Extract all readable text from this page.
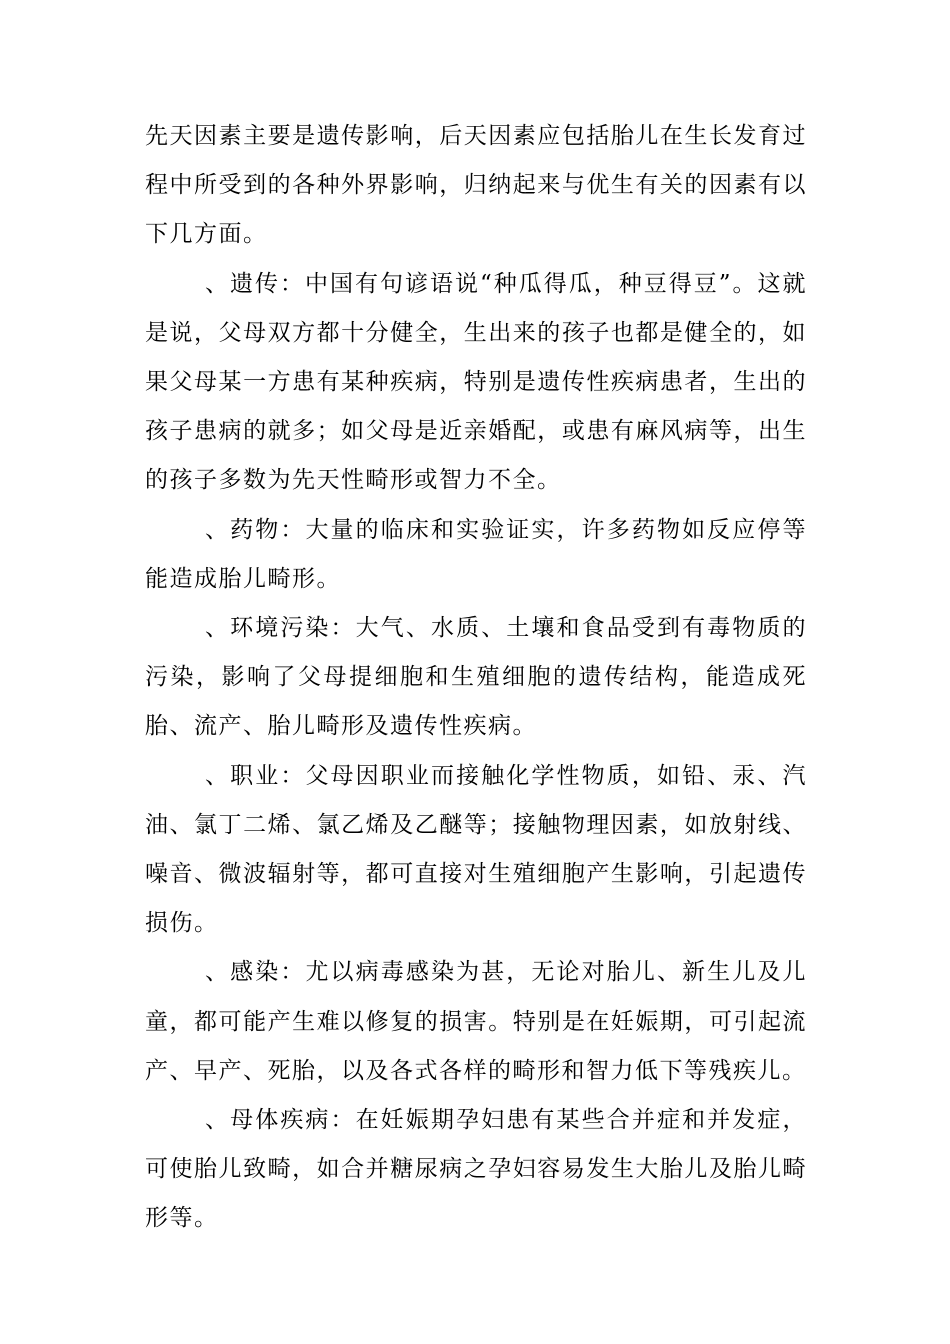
先天因素主要是遗传影响，后天因素应包括胎儿在生长发育过程中所受到的各种外界影响，归纳起来与优生有关的因素有以下几方面。

、遗传：中国有句谚语说“种瓜得瓜，种豆得豆”。这就是说，父母双方都十分健全，生出来的孩子也都是健全的，如果父母某一方患有某种疾病，特别是遗传性疾病患者，生出的孩子患病的就多；如父母是近亲婚配，或患有麻风病等，出生的孩子多数为先天性畸形或智力不全。

、药物：大量的临床和实验证实，许多药物如反应停等能造成胎儿畸形。

、环境污染：大气、水质、土壤和食品受到有毒物质的污染，影响了父母提细胞和生殖细胞的遗传结构，能造成死胎、流产、胎儿畸形及遗传性疾病。

、职业：父母因职业而接触化学性物质，如铅、汞、汽油、氯丁二烯、氯乙烯及乙醚等；接触物理因素，如放射线、噪音、微波辐射等，都可直接对生殖细胞产生影响，引起遗传损伤。

、感染：尤以病毒感染为甚，无论对胎儿、新生儿及儿童，都可能产生难以修复的损害。特别是在妊娠期，可引起流产、早产、死胎，以及各式各样的畸形和智力低下等残疾儿。

、母体疾病：在妊娠期孕妇患有某些合并症和并发症，可使胎儿致畸，如合并糖尿病之孕妇容易发生大胎儿及胎儿畸形等。
